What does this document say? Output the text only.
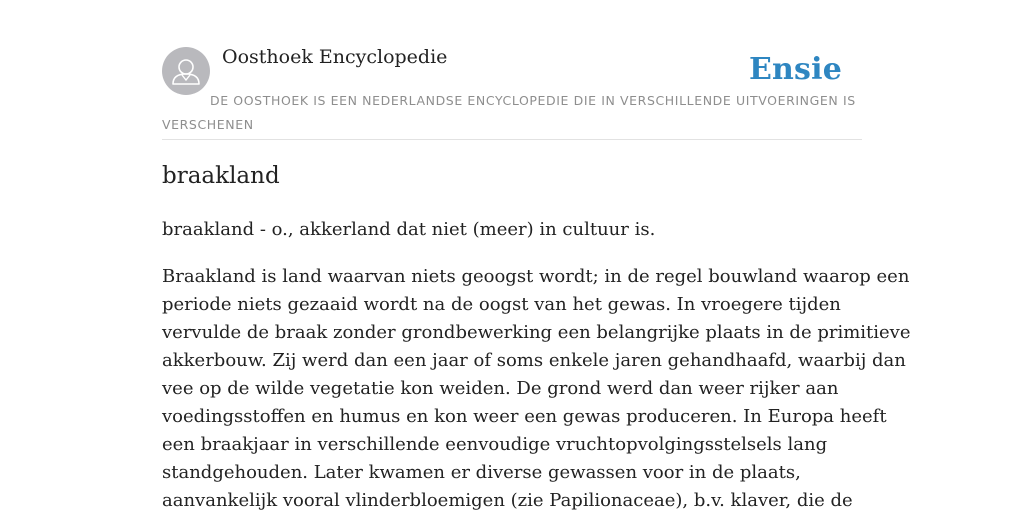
Oosthoek Encyclopedie	Ensie

DE OOSTHOEK IS EEN NEDERLANDSE ENCYCLOPEDIE DIE IN VERSCHILLENDE UITVOERINGEN IS VERSCHENEN

braakland

braakland - o., akkerland dat niet (meer) in cultuur is.

Braakland is land waarvan niets geoogst wordt; in de regel bouwland waarop een
periode niets gezaaid wordt na de oogst van het gewas. In vroegere tijden
vervulde de braak zonder grondbewerking een belangrijke plaats in de primitieve
akkerbouw. Zij werd dan een jaar of soms enkele jaren gehandhaafd, waarbij dan
vee op de wilde vegetatie kon weiden. De grond werd dan weer rijker aan
voedingsstoffen en humus en kon weer een gewas produceren. In Europa heeft
een braakjaar in verschillende eenvoudige vruchtopvolgingsstelsels lang
standgehouden. Later kwamen er diverse gewassen voor in de plaats,
aanvankelijk vooral vlinderbloemigen (zie Papilionaceae), b.v. klaver, die de
